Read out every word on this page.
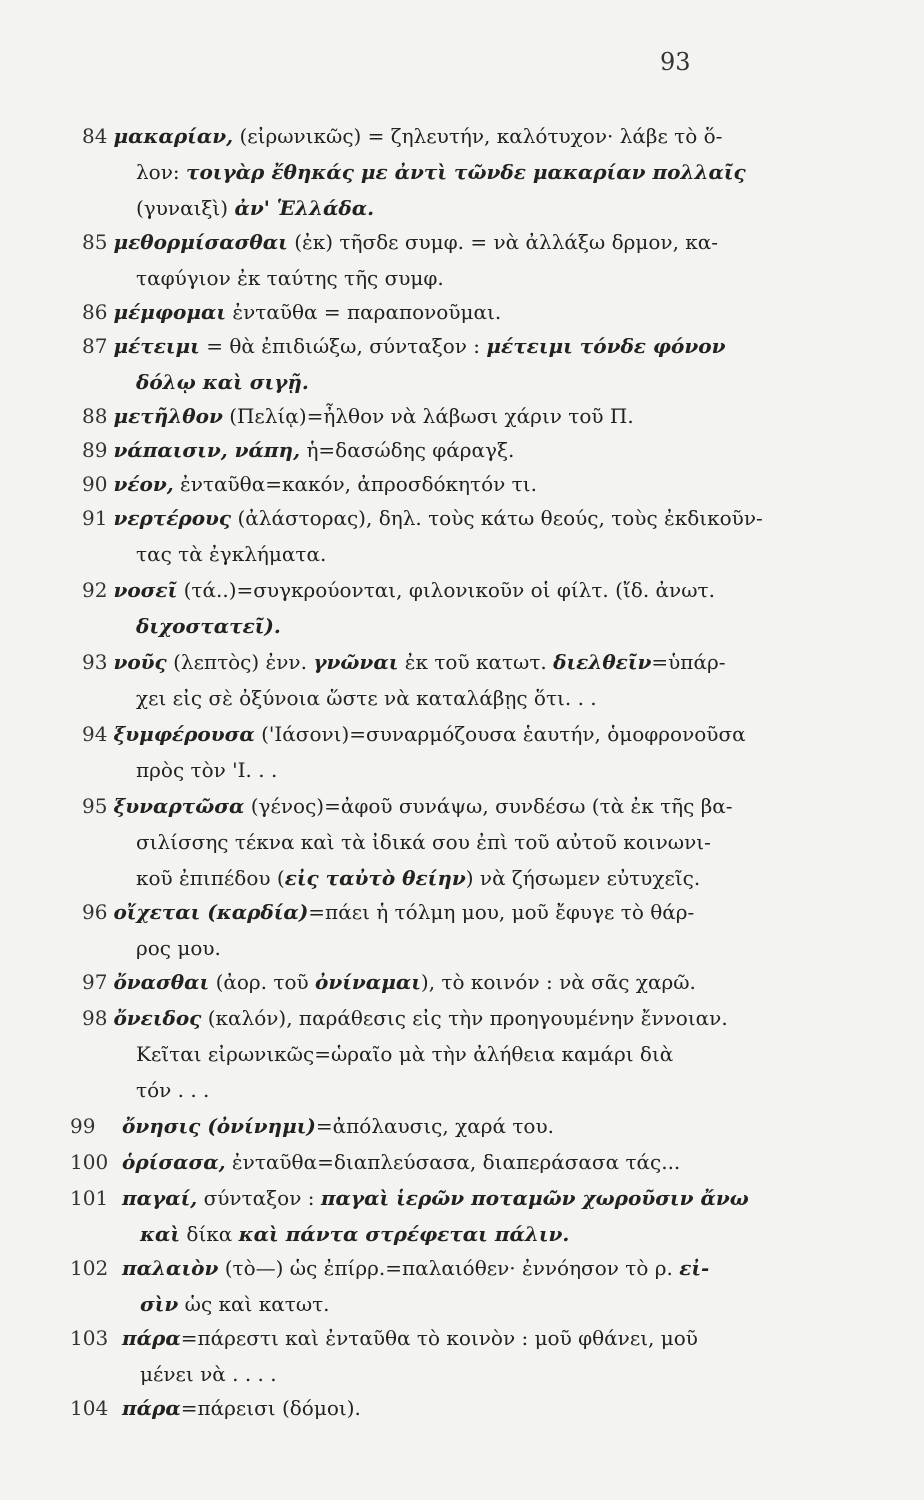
93
84 μακαρίαν, (εἰρωνικῶς) = ζηλευτήν, καλότυχον· λάβε τὸ ὅ-
λον: τοιγὰρ ἔθηκάς με ἀντὶ τῶνδε μακαρίαν πολλαῖς
(γυναιξὶ) ἀν' Ἑλλάδα.
85 μεθορμίσασθαι (ἐκ) τῆσδε συμφ. = νὰ ἀλλάξω δρμον, κα-
ταφύγιον ἐκ ταύτης τῆς συμφ.
86 μέμφομαι ἐνταῦθα = παραπονοῦμαι.
87 μέτειμι = θὰ ἐπιδιώξω, σύνταξον : μέτειμι τόνδε φόνον
δόλῳ καὶ σιγῇ.
88 μετῆλθον (Πελίᾳ)=ἦλθον νὰ λάβωσι χάριν τοῦ Π.
89 νάπαισιν, νάπη, ἡ=δασώδης φάραγξ.
90 νέον, ἐνταῦθα=κακόν, ἀπροσδόκητόν τι.
91 νερτέρους (ἀλάστορας), δηλ. τοὺς κάτω θεούς, τοὺς ἐκδικοῦν-
τας τὰ ἐγκλήματα.
92 νοσεῖ (τά..)=συγκρούονται, φιλονικοῦν οἱ φίλτ. (ἴδ. ἀνωτ.
διχοστατεῖ).
93 νοῦς (λεπτὸς) ἐνν. γνῶναι ἐκ τοῦ κατωτ. διελθεῖν=ὑπάρ-
χει εἰς σὲ ὀξύνοια ὥστε νὰ καταλάβῃς ὅτι. . .
94 ξυμφέρουσα ('Ιάσονι)=συναρμόζουσα ἑαυτήν, ὁμοφρονοῦσα
πρὸς τὸν 'Ι. . .
95 ξυναρτῶσα (γένος)=ἀφοῦ συνάψω, συνδέσω (τὰ ἐκ τῆς βα-
σιλίσσης τέκνα καὶ τὰ ἰδικά σου ἐπὶ τοῦ αὐτοῦ κοινωνι-
κοῦ ἐπιπέδου (εἰς ταὐτὸ θείην) νὰ ζήσωμεν εὐτυχεῖς.
96 οἴχεται (καρδία)=πάει ἡ τόλμη μου, μοῦ ἔφυγε τὸ θάρ-
ρος μου.
97 ὄνασθαι (ἀορ. τοῦ ὀνίναμαι), τὸ κοινόν : νὰ σᾶς χαρῶ.
98 ὄνειδος (καλόν), παράθεσις εἰς τὴν προηγουμένην ἔννοιαν.
Κεῖται εἰρωνικῶς=ὡραῖο μὰ τὴν ἀλήθεια καμάρι διὰ
τόν . . .
99 ὄνησις (ὀνίνημι)=ἀπόλαυσις, χαρά του.
100 ὁρίσασα, ἐνταῦθα=διαπλεύσασα, διαπεράσασα τάς...
101 παγαί, σύνταξον : παγαὶ ἱερῶν ποταμῶν χωροῦσιν ἄνω
καὶ δίκα καὶ πάντα στρέφεται πάλιν.
102 παλαιὸν (τὸ—) ὡς ἐπίρρ.=παλαιόθεν· ἐννόησον τὸ ρ. εἰ-
σὶν ὡς καὶ κατωτ.
103 πάρα=πάρεστι καὶ ἐνταῦθα τὸ κοινὸν : μοῦ φθάνει, μοῦ
μένει νὰ . . . .
104 πάρα=πάρεισι (δόμοι).
